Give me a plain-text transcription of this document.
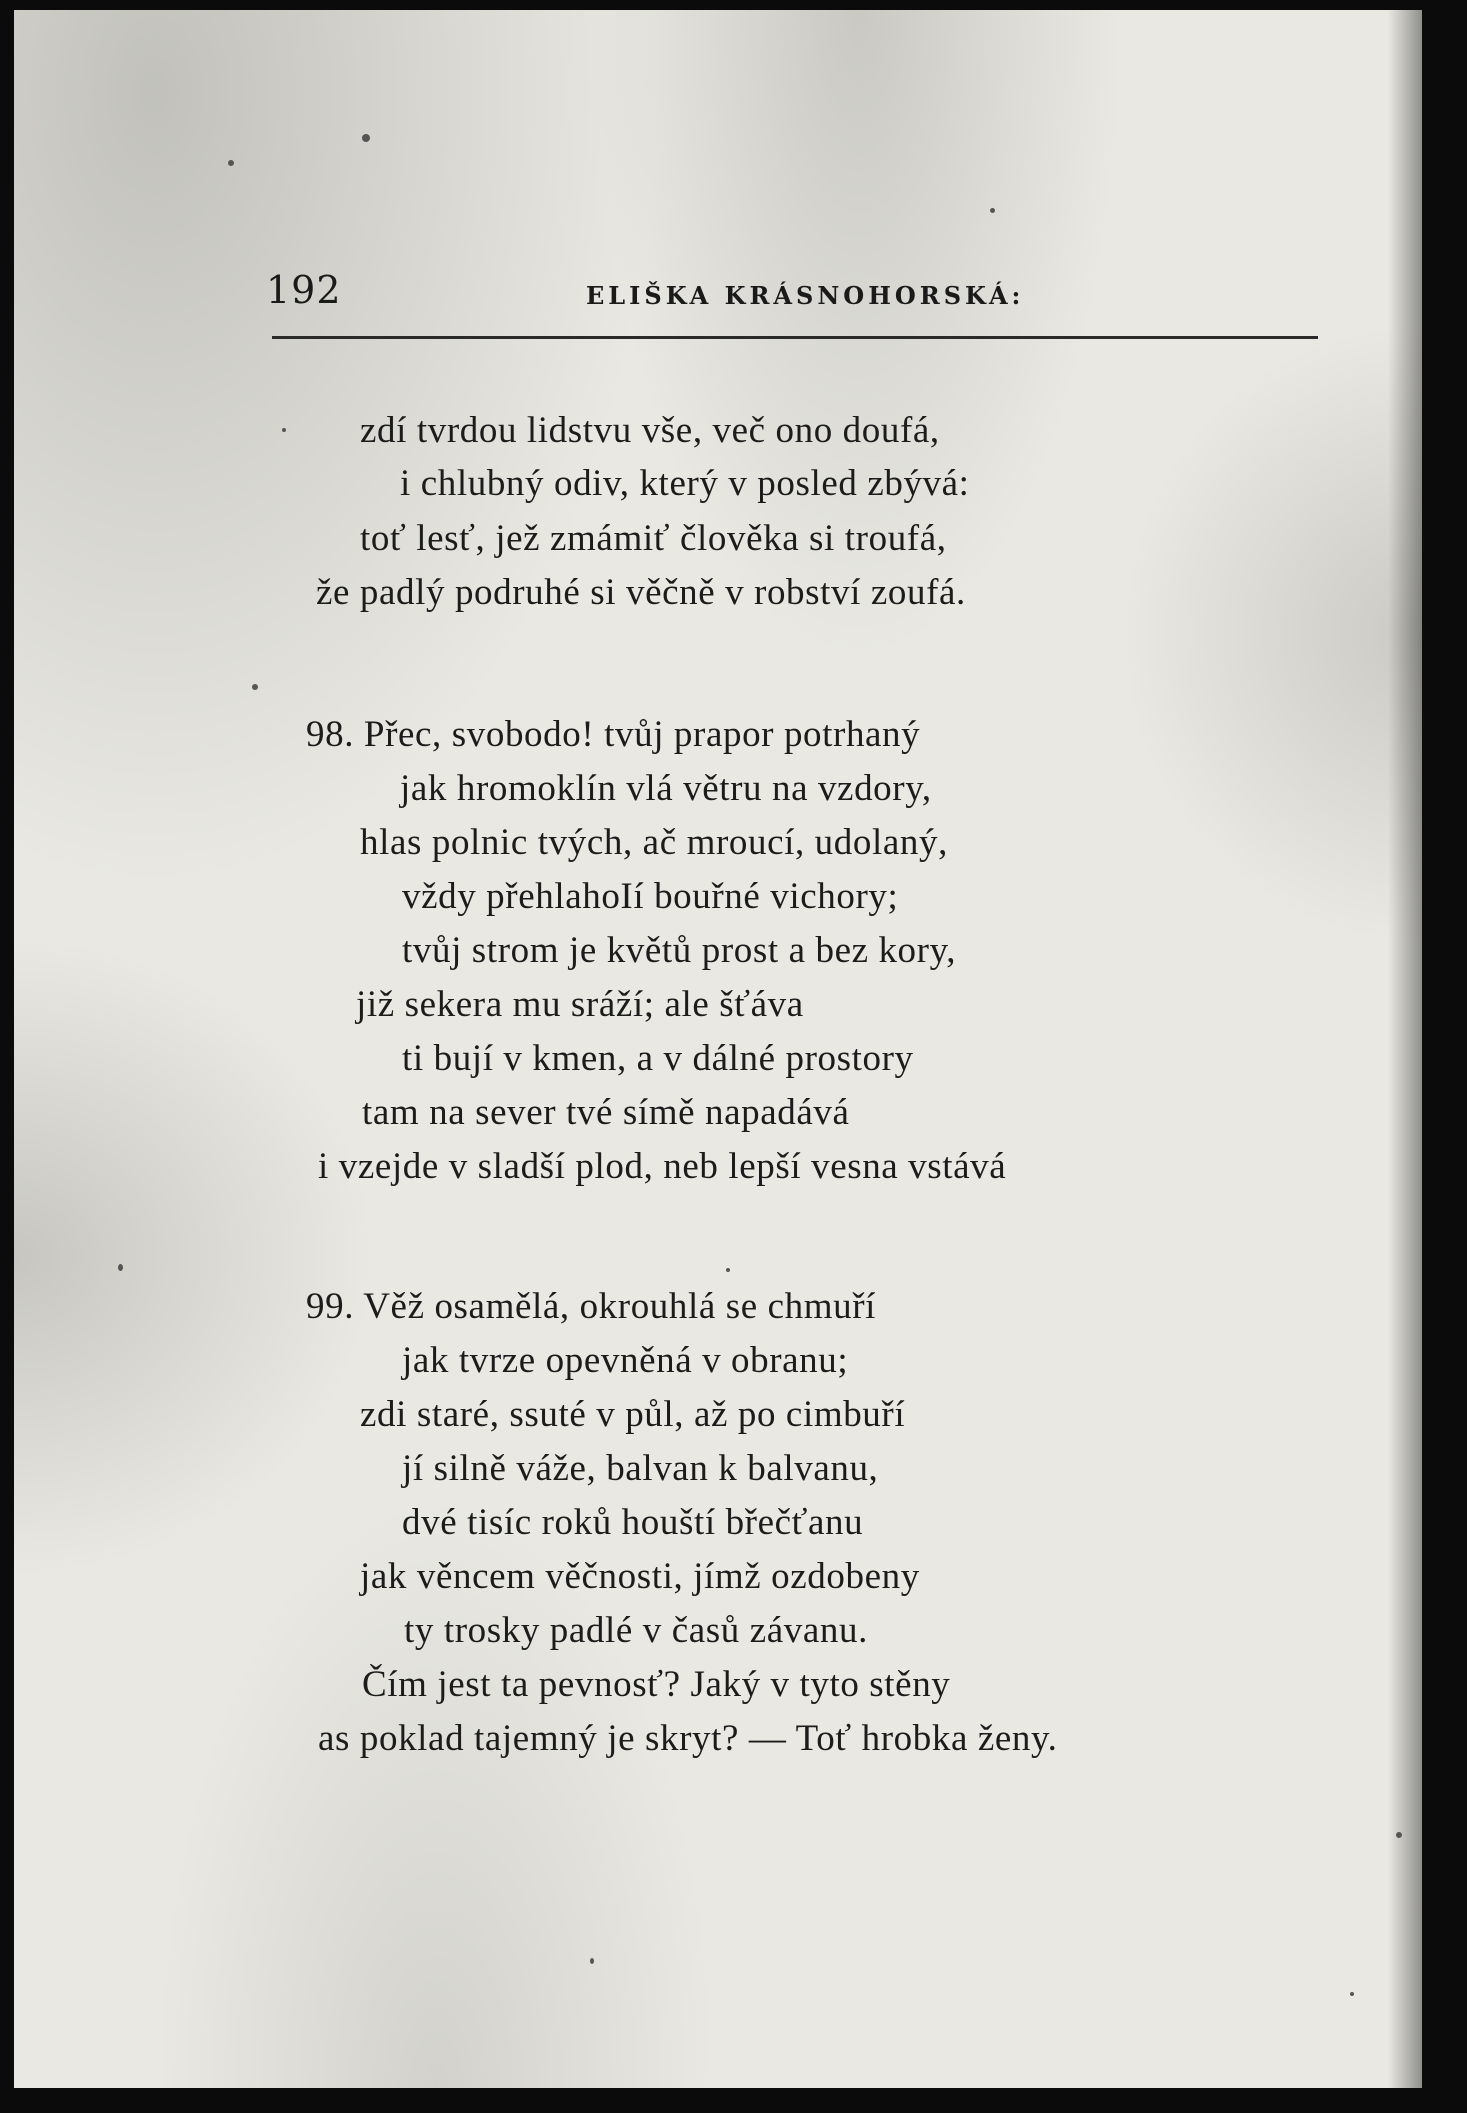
192	ELIŠKA KRÁSNOHORSKÁ:
zdí tvrdou lidstvu vše, več ono doufá,
i chlubný odiv, který v posled zbývá:
toť lesť, jež zmámiť člověka si troufá,
že padlý podruhé si věčně v robství zoufá.
98. Přec, svobodo! tvůj prapor potrhaný
jak hromoklín vlá větru na vzdory,
hlas polnic tvých, ač mroucí, udolaný,
vždy přehlahoIí bouřné vichory;
tvůj strom je květů prost a bez kory,
již sekera mu sráží; ale šťáva
ti bují v kmen, a v dálné prostory
tam na sever tvé símě napadává
i vzejde v sladší plod, neb lepší vesna vstává
99. Věž osamělá, okrouhlá se chmuří
jak tvrze opevněná v obranu;
zdi staré, ssuté v půl, až po cimbuří
jí silně váže, balvan k balvanu,
dvé tisíc roků houští břečťanu
jak věncem věčnosti, jímž ozdobeny
ty trosky padlé v časů závanu.
Čím jest ta pevnosť? Jaký v tyto stěny
as poklad tajemný je skryt? — Toť hrobka ženy.
